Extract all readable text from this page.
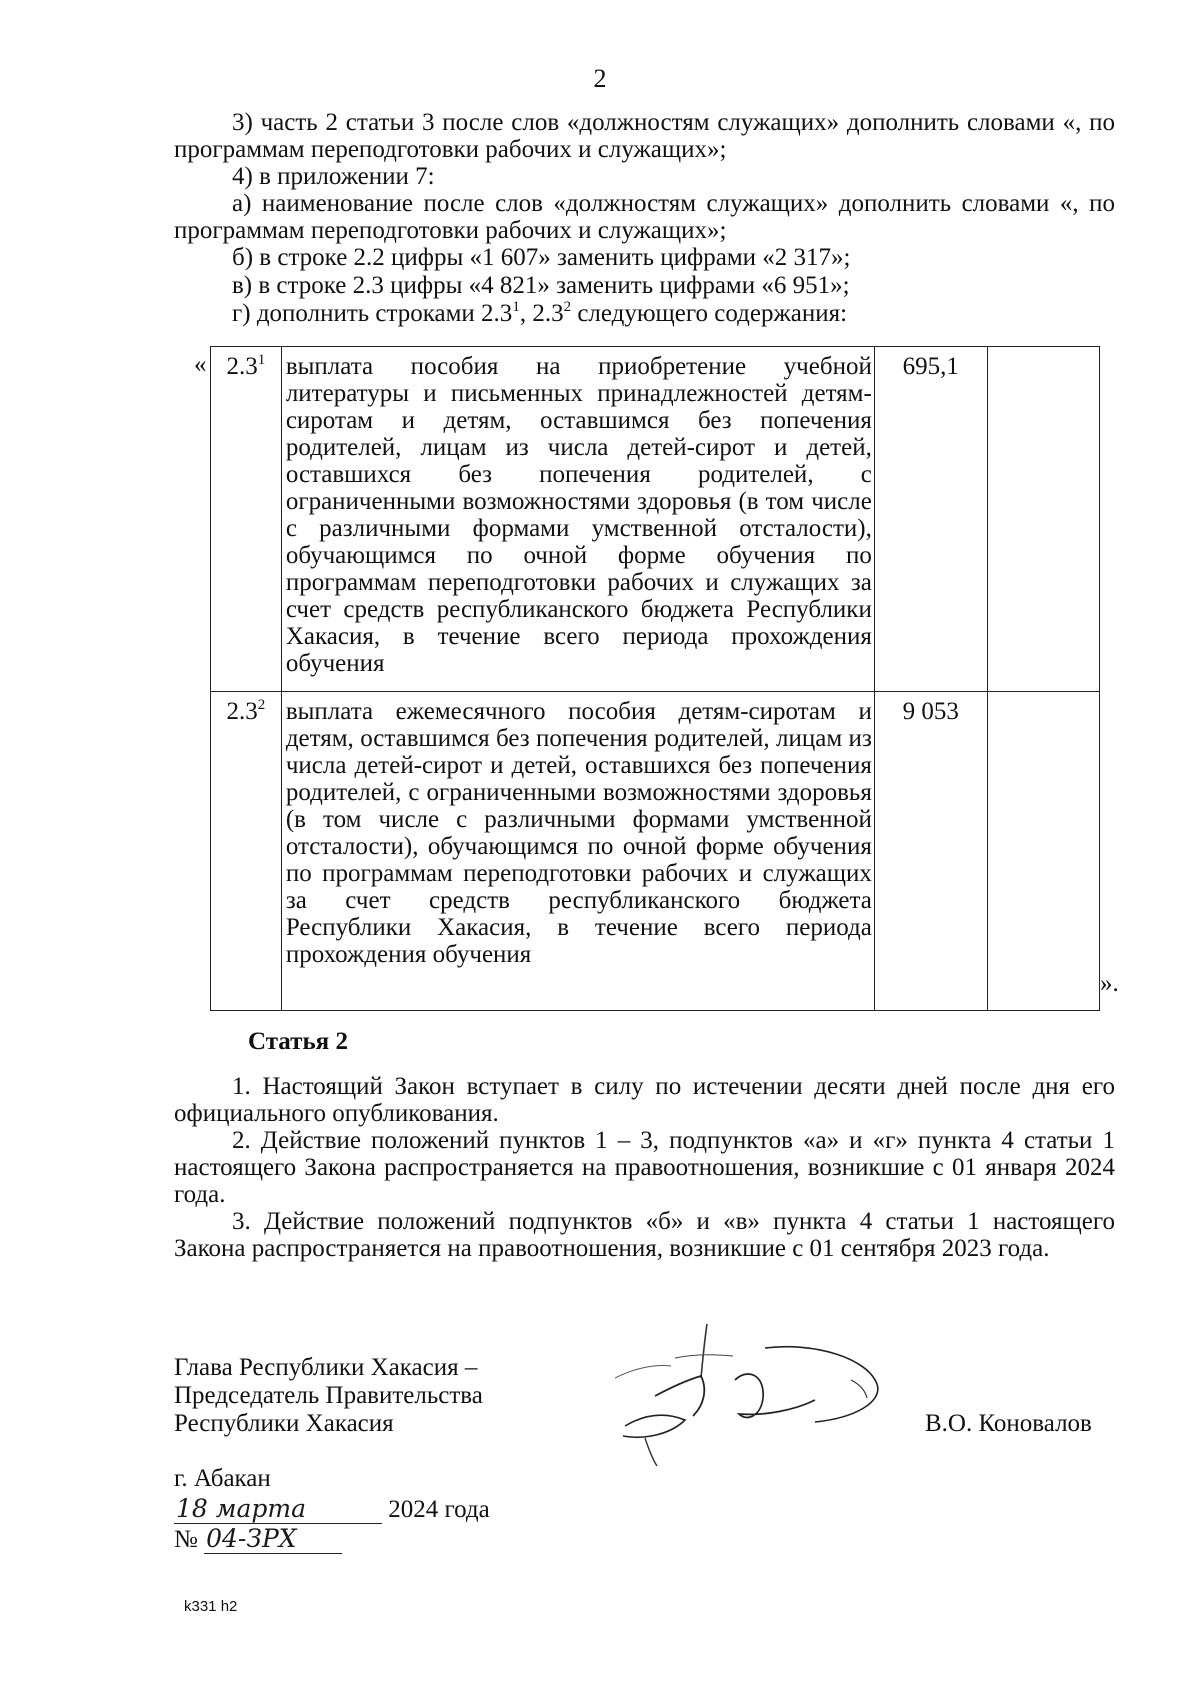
2

3) часть 2 статьи 3 после слов «должностям служащих» дополнить словами «, по программам переподготовки рабочих и служащих»;

4) в приложении 7:

а) наименование после слов «должностям служащих» дополнить словами «, по программам переподготовки рабочих и служащих»;

б) в строке 2.2 цифры «1 607» заменить цифрами «2 317»;
в) в строке 2.3 цифры «4 821» заменить цифрами «6 951»;
г) дополнить строками $2.3^1$, $2.3^2$ следующего содержания:
« $2.3^1$	выплата пособия на приобретение учебной литературы и письменных принадлежностей детям-сиротам и детям, оставшимся без попечения родителей, лицам из числа детей-сирот и детей, оставшихся без попечения родителей, с ограниченными возможностями здоровья (в том числе с различными формами умственной отсталости), обучающимся по очной форме обучения по программам переподготовки рабочих и служащих за счет средств республиканского бюджета Республики Хакасия, в течение всего периода прохождения обучения	695,1	
$2.3^2$	выплата ежемесячного пособия детям-сиротам и детям, оставшимся без попечения родителей, лицам из числа детей-сирот и детей, оставшихся без попечения родителей, с ограниченными возможностями здоровья (в том числе с различными формами умственной отсталости), обучающимся по очной форме обучения по программам переподготовки рабочих и служащих за счет средств республиканского бюджета Республики Хакасия, в течение всего периода прохождения обучения	9 053	
».
Статья 2

1. Настоящий Закон вступает в силу по истечении десяти дней после дня его официального опубликования.

2. Действие положений пунктов 1 – 3, подпунктов «а» и «г» пункта 4 статьи 1 настоящего Закона распространяется на правоотношения, возникшие с 01 января 2024 года.

3. Действие положений подпунктов «б» и «в» пункта 4 статьи 1 настоящего Закона распространяется на правоотношения, возникшие с 01 сентября 2023 года.

Глава Республики Хакасия –
Председатель Правительства
Республики Хакасия	В.О. Коновалов
г. Абакан
18 марта	2024 года
№ 04-ЗРХ
k331 h2
